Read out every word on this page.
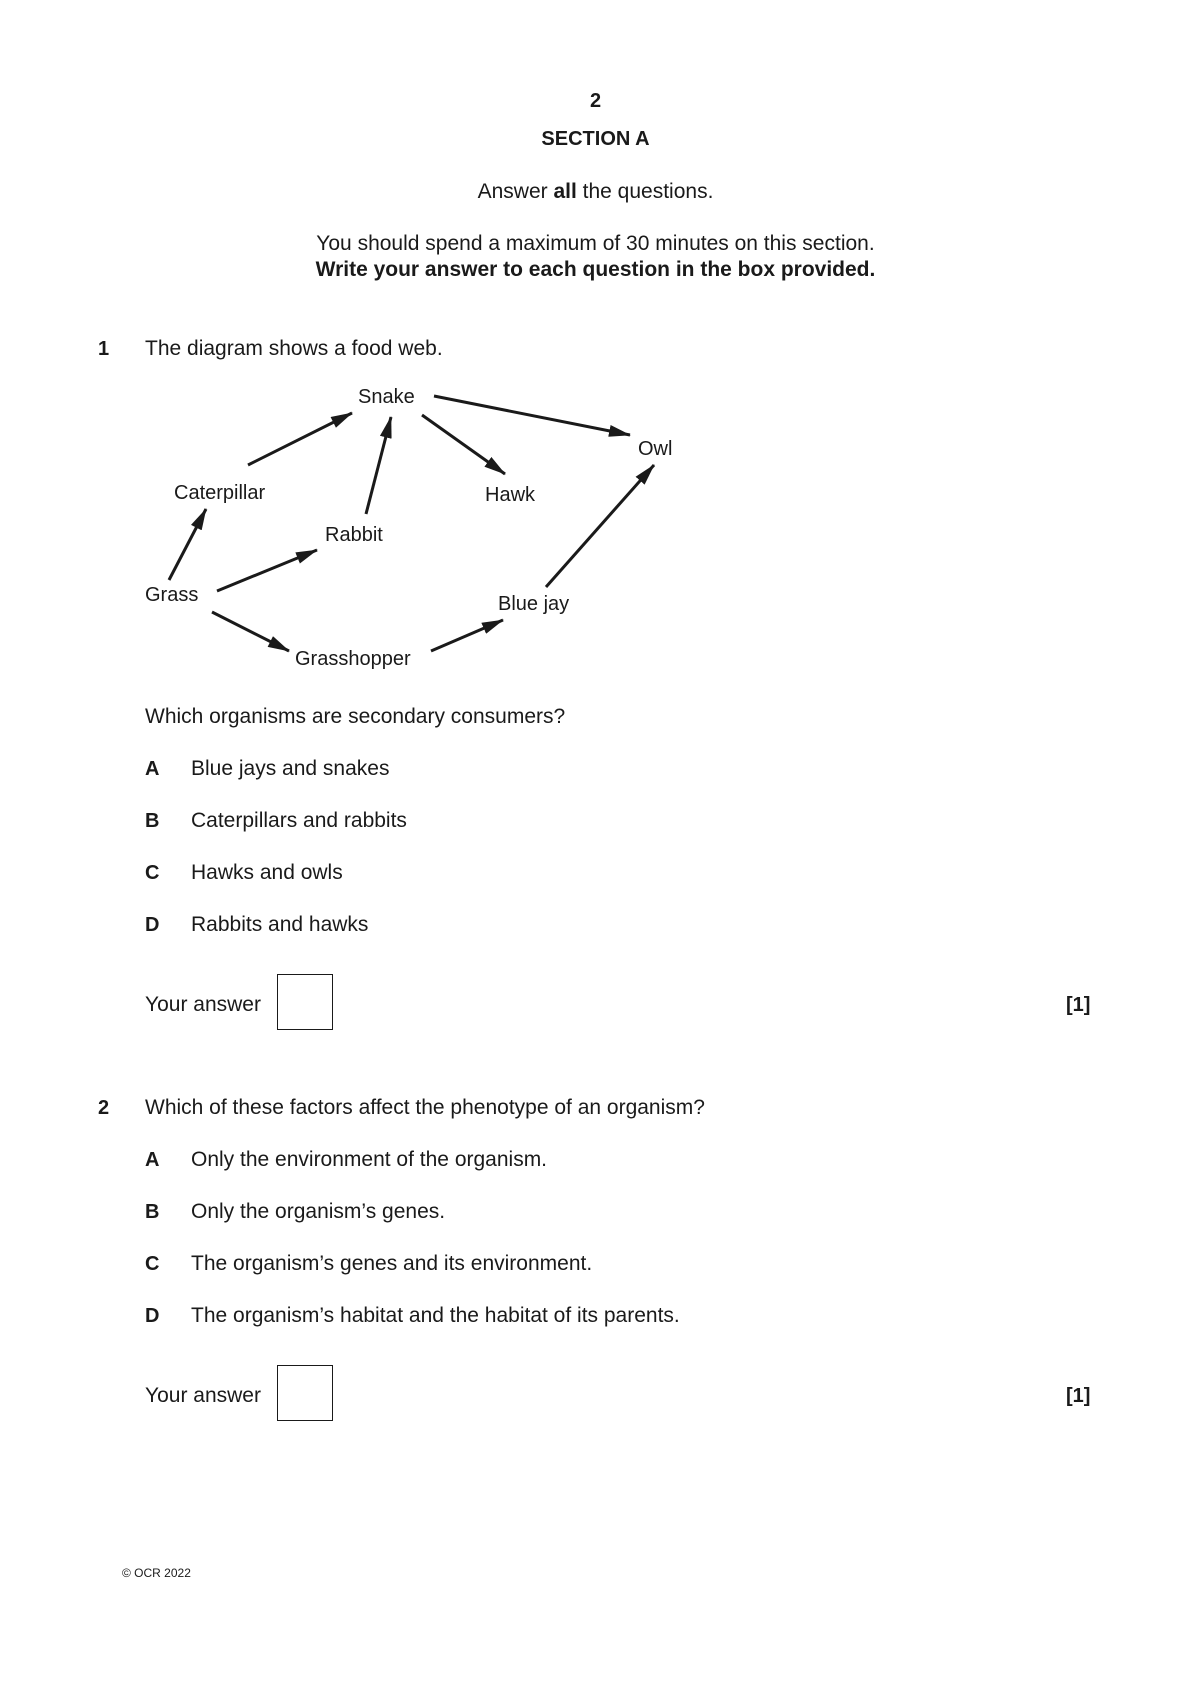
2
SECTION A
Answer all the questions.
You should spend a maximum of 30 minutes on this section.
Write your answer to each question in the box provided.
1 The diagram shows a food web.
Snake
Owl
Caterpillar	Hawk
Rabbit
Grass	Blue jay
Grasshopper
Which organisms are secondary consumers?
A Blue jays and snakes
B Caterpillars and rabbits
C Hawks and owls
D Rabbits and hawks
Your answer	[1]
2 Which of these factors affect the phenotype of an organism?
A Only the environment of the organism.
B Only the organism’s genes.
C The organism’s genes and its environment.
D The organism’s habitat and the habitat of its parents.
Your answer	[1]
© OCR 2022
